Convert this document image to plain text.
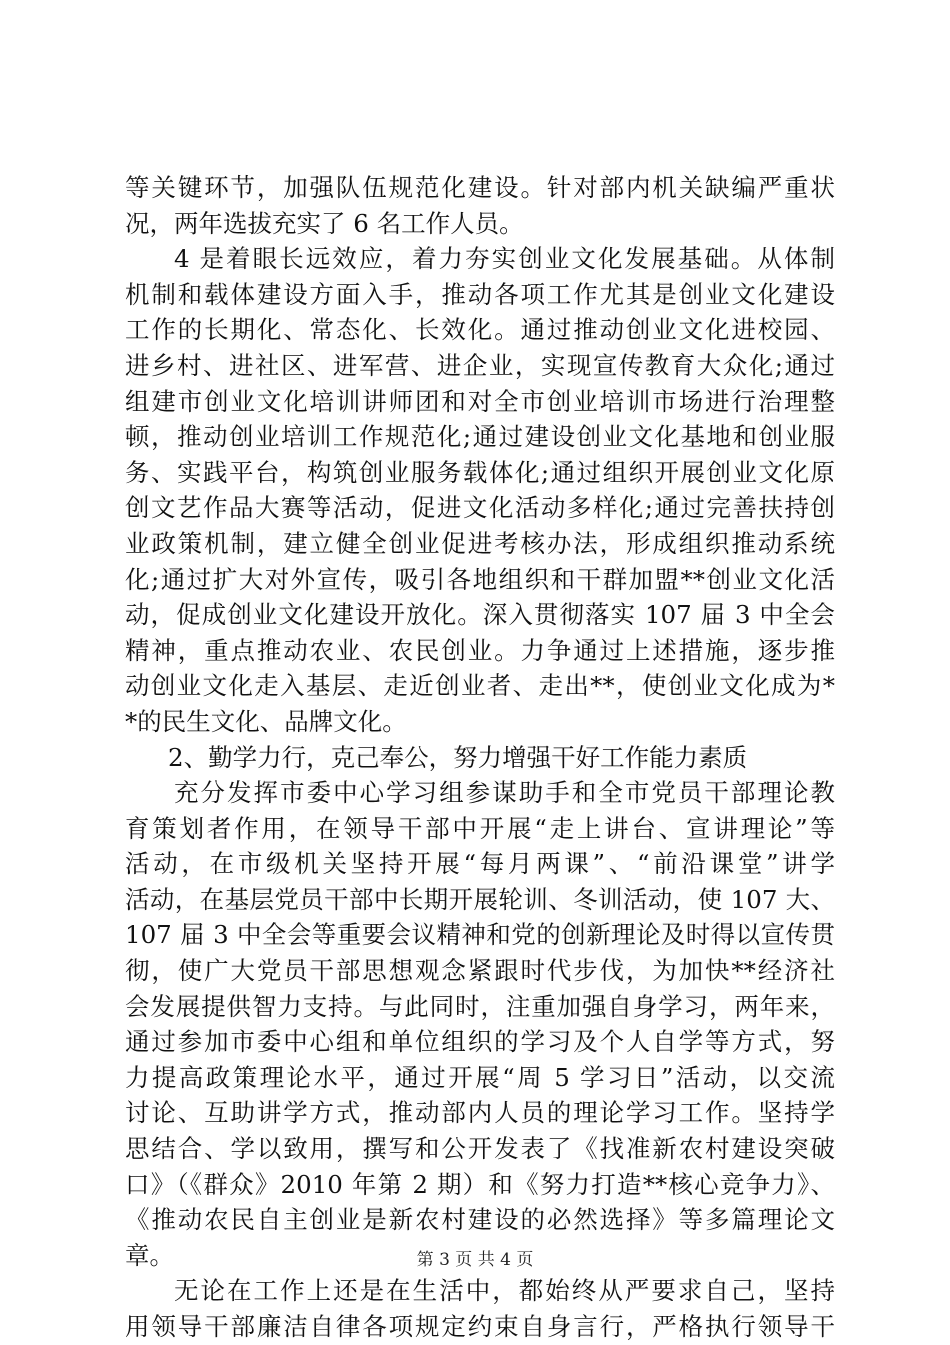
等关键环节，加强队伍规范化建设。针对部内机关缺编严重状
况，两年选拔充实了 6 名工作人员。
4 是着眼长远效应，着力夯实创业文化发展基础。从体制
机制和载体建设方面入手，推动各项工作尤其是创业文化建设
工作的长期化、常态化、长效化。通过推动创业文化进校园、
进乡村、进社区、进军营、进企业，实现宣传教育大众化;通过
组建市创业文化培训讲师团和对全市创业培训市场进行治理整
顿，推动创业培训工作规范化;通过建设创业文化基地和创业服
务、实践平台，构筑创业服务载体化;通过组织开展创业文化原
创文艺作品大赛等活动，促进文化活动多样化;通过完善扶持创
业政策机制，建立健全创业促进考核办法，形成组织推动系统
化;通过扩大对外宣传，吸引各地组织和干群加盟**创业文化活
动，促成创业文化建设开放化。深入贯彻落实 107 届 3 中全会
精神，重点推动农业、农民创业。力争通过上述措施，逐步推
动创业文化走入基层、走近创业者、走出**，使创业文化成为*
*的民生文化、品牌文化。
2、勤学力行，克己奉公，努力增强干好工作能力素质
充分发挥市委中心学习组参谋助手和全市党员干部理论教
育策划者作用，在领导干部中开展“走上讲台、宣讲理论”等
活动，在市级机关坚持开展“每月两课”、“前沿课堂”讲学
活动，在基层党员干部中长期开展轮训、冬训活动，使 107 大、
107 届 3 中全会等重要会议精神和党的创新理论及时得以宣传贯
彻，使广大党员干部思想观念紧跟时代步伐，为加快**经济社
会发展提供智力支持。与此同时，注重加强自身学习，两年来，
通过参加市委中心组和单位组织的学习及个人自学等方式，努
力提高政策理论水平，通过开展“周 5 学习日”活动，以交流
讨论、互助讲学方式，推动部内人员的理论学习工作。坚持学
思结合、学以致用，撰写和公开发表了《找准新农村建设突破
口》（《群众》2010 年第 2 期）和《努力打造**核心竞争力》、
《推动农民自主创业是新农村建设的必然选择》等多篇理论文
章。
无论在工作上还是在生活中，都始终从严要求自己，坚持
用领导干部廉洁自律各项规定约束自身言行，严格执行领导干
第 3 页 共 4 页
